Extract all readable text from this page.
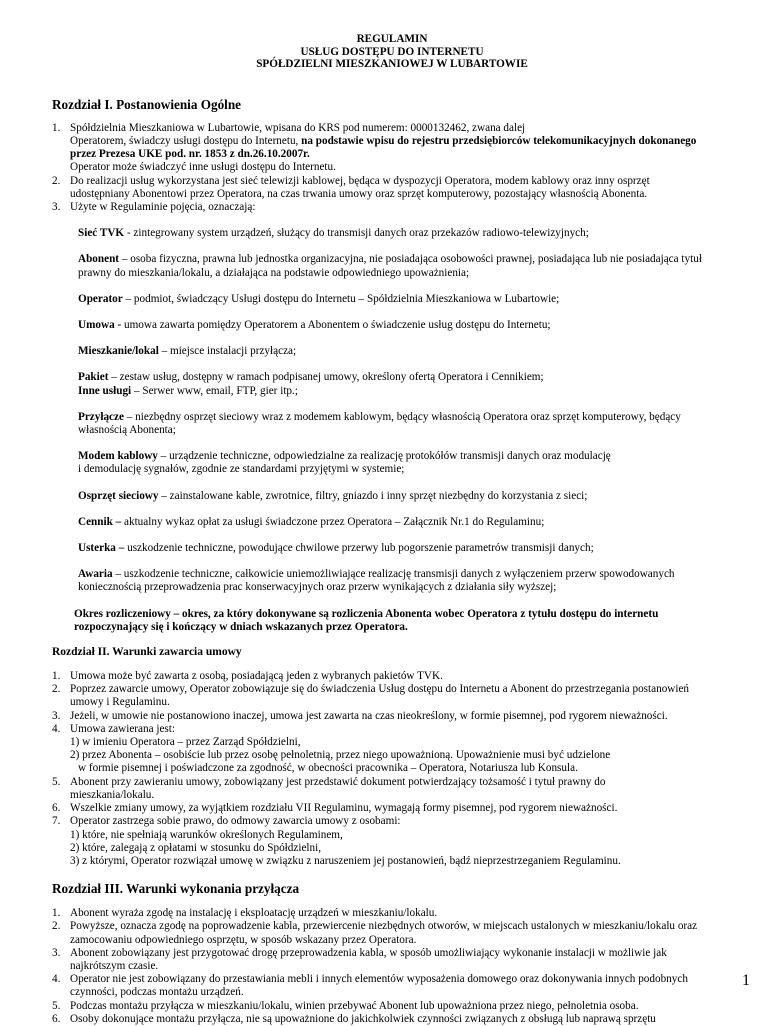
REGULAMIN
USŁUG DOSTĘPU DO INTERNETU
SPÓŁDZIELNI MIESZKANIOWEJ W LUBARTOWIE
Rozdział I. Postanowienia Ogólne
1. Spółdzielnia Mieszkaniowa w Lubartowie, wpisana do KRS pod numerem: 0000132462, zwana dalej
Operatorem, świadczy usługi dostępu do Internetu, na podstawie wpisu do rejestru przedsiębiorców telekomunikacyjnych dokonanego
przez Prezesa UKE pod. nr. 1853 z dn.26.10.2007r.
Operator może świadczyć inne usługi dostępu do Internetu.
2. Do realizacji usług wykorzystana jest sieć telewizji kablowej, będąca w dyspozycji Operatora, modem kablowy oraz inny osprzęt
udostępniany Abonentowi przez Operatora, na czas trwania umowy oraz sprzęt komputerowy, pozostający własnością Abonenta.
3. Użyte w Regulaminie pojęcia, oznaczają:
Sieć TVK - zintegrowany system urządzeń, służący do transmisji danych oraz przekazów radiowo-telewizyjnych;
Abonent – osoba fizyczna, prawna lub jednostka organizacyjna, nie posiadająca osobowości prawnej, posiadająca lub nie posiadająca tytuł
prawny do mieszkania/lokalu, a działająca na podstawie odpowiedniego upoważnienia;
Operator – podmiot, świadczący Usługi dostępu do Internetu – Spółdzielnia Mieszkaniowa w Lubartowie;
Umowa - umowa zawarta pomiędzy Operatorem a Abonentem o świadczenie usług dostępu do Internetu;
Mieszkanie/lokal – miejsce instalacji przyłącza;
Pakiet – zestaw usług, dostępny w ramach podpisanej umowy, określony ofertą Operatora i Cennikiem;
Inne usługi – Serwer www, email, FTP, gier itp.;
Przyłącze – niezbędny osprzęt sieciowy wraz z modemem kablowym, będący własnością Operatora oraz sprzęt komputerowy, będący
własnością Abonenta;
Modem kablowy – urządzenie techniczne, odpowiedzialne za realizację protokółów transmisji danych oraz modulację
i demodulację sygnałów, zgodnie ze standardami przyjętymi w systemie;
Osprzęt sieciowy – zainstalowane kable, zwrotnice, filtry, gniazdo i inny sprzęt niezbędny do korzystania z sieci;
Cennik – aktualny wykaz opłat za usługi świadczone przez Operatora – Załącznik Nr.1 do Regulaminu;
Usterka – uszkodzenie techniczne, powodujące chwilowe przerwy lub pogorszenie parametrów transmisji danych;
Awaria – uszkodzenie techniczne, całkowicie uniemożliwiające realizację transmisji danych z wyłączeniem przerw spowodowanych
koniecznością przeprowadzenia prac konserwacyjnych oraz przerw wynikających z działania siły wyższej;
Okres rozliczeniowy – okres, za który dokonywane są rozliczenia Abonenta wobec Operatora z tytułu dostępu do internetu
rozpoczynający się i kończący w dniach wskazanych przez Operatora.
Rozdział II. Warunki zawarcia umowy
1. Umowa może być zawarta z osobą, posiadającą jeden z wybranych pakietów TVK.
2. Poprzez zawarcie umowy, Operator zobowiązuje się do świadczenia Usług dostępu do Internetu a Abonent do przestrzegania postanowień
umowy i Regulaminu.
3. Jeżeli, w umowie nie postanowiono inaczej, umowa jest zawarta na czas nieokreślony, w formie pisemnej, pod rygorem nieważności.
4. Umowa zawierana jest:
1) w imieniu Operatora – przez Zarząd Spółdzielni,
2) przez Abonenta – osobiście lub przez osobę pełnoletnią, przez niego upoważnioną. Upoważnienie musi być udzielone
w formie pisemnej i poświadczone za zgodność, w obecności pracownika – Operatora, Notariusza lub Konsula.
5. Abonent przy zawieraniu umowy, zobowiązany jest przedstawić dokument potwierdzający tożsamość i tytuł prawny do
mieszkania/lokalu.
6. Wszelkie zmiany umowy, za wyjątkiem rozdziału VII Regulaminu, wymagają formy pisemnej, pod rygorem nieważności.
7. Operator zastrzega sobie prawo, do odmowy zawarcia umowy z osobami:
1) które, nie spełniają warunków określonych Regulaminem,
2) które, zalegają z opłatami w stosunku do Spółdzielni,
3) z którymi, Operator rozwiązał umowę w związku z naruszeniem jej postanowień, bądź nieprzestrzeganiem Regulaminu.
Rozdział III. Warunki wykonania przyłącza
1. Abonent wyraża zgodę na instalację i eksploatację urządzeń w mieszkaniu/lokalu.
2. Powyższe, oznacza zgodę na poprowadzenie kabla, przewiercenie niezbędnych otworów, w miejscach ustalonych w mieszkaniu/lokalu oraz
zamocowaniu odpowiedniego osprzętu, w sposób wskazany przez Operatora.
3. Abonent zobowiązany jest przygotować drogę przeprowadzenia kabla, w sposób umożliwiający wykonanie instalacji w możliwie jak
najkrótszym czasie.
4. Operator nie jest zobowiązany do przestawiania mebli i innych elementów wyposażenia domowego oraz dokonywania innych podobnych
czynności, podczas montażu urządzeń.
5. Podczas montażu przyłącza w mieszkaniu/lokalu, winien przebywać Abonent lub upoważniona przez niego, pełnoletnia osoba.
6. Osoby dokonujące montażu przyłącza, nie są upoważnione do jakichkolwiek czynności związanych z obsługą lub naprawą sprzętu
1
